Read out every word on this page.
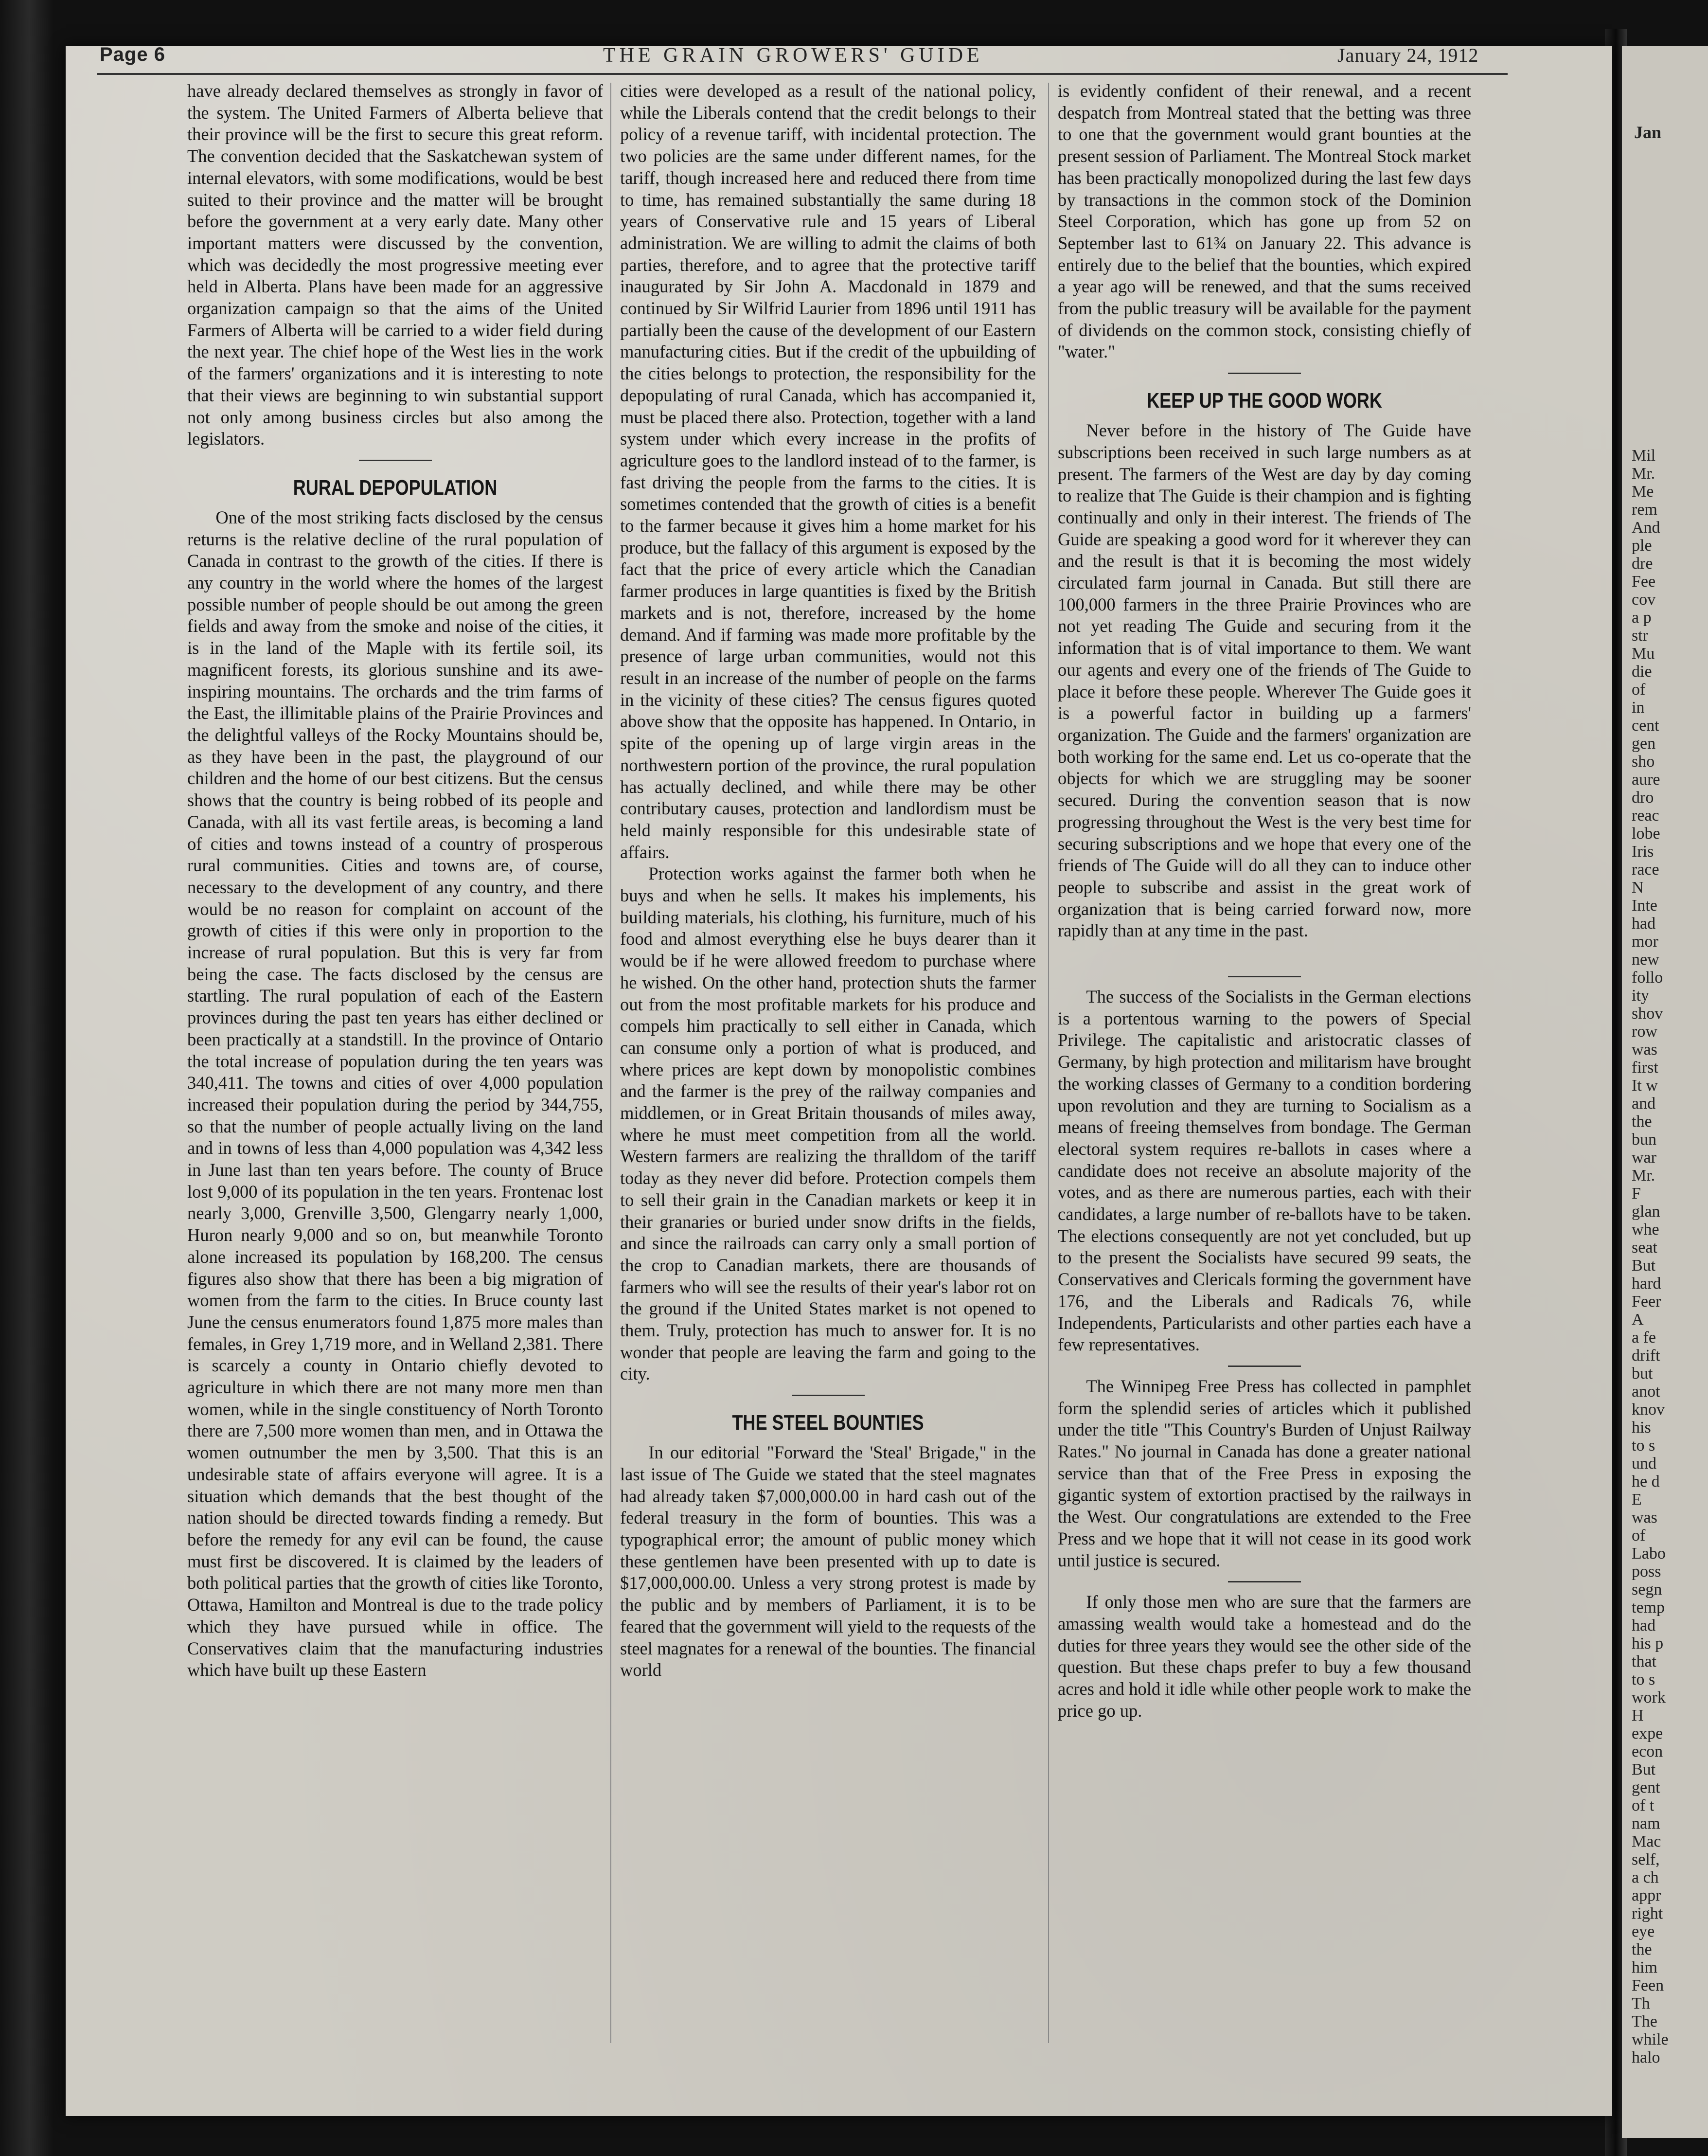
Page 6	THE GRAIN GROWERS' GUIDE	January 24, 1912

have already declared themselves as strongly in favor of the system. The United Farmers of Alberta believe that their province will be the first to secure this great reform. The convention decided that the Saskatchewan system of internal elevators, with some modifications, would be best suited to their province and the matter will be brought before the government at a very early date. Many other important matters were discussed by the convention, which was decidedly the most progressive meeting ever held in Alberta. Plans have been made for an aggressive organization campaign so that the aims of the United Farmers of Alberta will be carried to a wider field during the next year. The chief hope of the West lies in the work of the farmers' organizations and it is interesting to note that their views are beginning to win substantial support not only among business circles but also among the legislators.

RURAL DEPOPULATION

One of the most striking facts disclosed by the census returns is the relative decline of the rural population of Canada in contrast to the growth of the cities. If there is any country in the world where the homes of the largest possible number of people should be out among the green fields and away from the smoke and noise of the cities, it is in the land of the Maple with its fertile soil, its magnificent forests, its glorious sunshine and its awe-inspiring mountains. The orchards and the trim farms of the East, the illimitable plains of the Prairie Provinces and the delightful valleys of the Rocky Mountains should be, as they have been in the past, the playground of our children and the home of our best citizens. But the census shows that the country is being robbed of its people and Canada, with all its vast fertile areas, is becoming a land of cities and towns instead of a country of prosperous rural communities. Cities and towns are, of course, necessary to the development of any country, and there would be no reason for complaint on account of the growth of cities if this were only in proportion to the increase of rural population. But this is very far from being the case. The facts disclosed by the census are startling. The rural population of each of the Eastern provinces during the past ten years has either declined or been practically at a standstill. In the province of Ontario the total increase of population during the ten years was 340,411. The towns and cities of over 4,000 population increased their population during the period by 344,755, so that the number of people actually living on the land and in towns of less than 4,000 population was 4,342 less in June last than ten years before. The county of Bruce lost 9,000 of its population in the ten years. Frontenac lost nearly 3,000, Grenville 3,500, Glengarry nearly 1,000, Huron nearly 9,000 and so on, but meanwhile Toronto alone increased its population by 168,200. The census figures also show that there has been a big migration of women from the farm to the cities. In Bruce county last June the census enumerators found 1,875 more males than females, in Grey 1,719 more, and in Welland 2,381. There is scarcely a county in Ontario chiefly devoted to agriculture in which there are not many more men than women, while in the single constituency of North Toronto there are 7,500 more women than men, and in Ottawa the women outnumber the men by 3,500. That this is an undesirable state of affairs everyone will agree. It is a situation which demands that the best thought of the nation should be directed towards finding a remedy. But before the remedy for any evil can be found, the cause must first be discovered. It is claimed by the leaders of both political parties that the growth of cities like Toronto, Ottawa, Hamilton and Montreal is due to the trade policy which they have pursued while in office. The Conservatives claim that the manufacturing industries which have built up these Eastern

cities were developed as a result of the national policy, while the Liberals contend that the credit belongs to their policy of a revenue tariff, with incidental protection. The two policies are the same under different names, for the tariff, though increased here and reduced there from time to time, has remained substantially the same during 18 years of Conservative rule and 15 years of Liberal administration. We are willing to admit the claims of both parties, therefore, and to agree that the protective tariff inaugurated by Sir John A. Macdonald in 1879 and continued by Sir Wilfrid Laurier from 1896 until 1911 has partially been the cause of the development of our Eastern manufacturing cities. But if the credit of the upbuilding of the cities belongs to protection, the responsibility for the depopulating of rural Canada, which has accompanied it, must be placed there also. Protection, together with a land system under which every increase in the profits of agriculture goes to the landlord instead of to the farmer, is fast driving the people from the farms to the cities. It is sometimes contended that the growth of cities is a benefit to the farmer because it gives him a home market for his produce, but the fallacy of this argument is exposed by the fact that the price of every article which the Canadian farmer produces in large quantities is fixed by the British markets and is not, therefore, increased by the home demand. And if farming was made more profitable by the presence of large urban communities, would not this result in an increase of the number of people on the farms in the vicinity of these cities? The census figures quoted above show that the opposite has happened. In Ontario, in spite of the opening up of large virgin areas in the northwestern portion of the province, the rural population has actually declined, and while there may be other contributary causes, protection and landlordism must be held mainly responsible for this undesirable state of affairs.

Protection works against the farmer both when he buys and when he sells. It makes his implements, his building materials, his clothing, his furniture, much of his food and almost everything else he buys dearer than it would be if he were allowed freedom to purchase where he wished. On the other hand, protection shuts the farmer out from the most profitable markets for his produce and compels him practically to sell either in Canada, which can consume only a portion of what is produced, and where prices are kept down by monopolistic combines and the farmer is the prey of the railway companies and middlemen, or in Great Britain thousands of miles away, where he must meet competition from all the world. Western farmers are realizing the thralldom of the tariff today as they never did before. Protection compels them to sell their grain in the Canadian markets or keep it in their granaries or buried under snow drifts in the fields, and since the railroads can carry only a small portion of the crop to Canadian markets, there are thousands of farmers who will see the results of their year's labor rot on the ground if the United States market is not opened to them. Truly, protection has much to answer for. It is no wonder that people are leaving the farm and going to the city.

THE STEEL BOUNTIES

In our editorial "Forward the 'Steal' Brigade," in the last issue of The Guide we stated that the steel magnates had already taken $7,000,000.00 in hard cash out of the federal treasury in the form of bounties. This was a typographical error; the amount of public money which these gentlemen have been presented with up to date is $17,000,000.00. Unless a very strong protest is made by the public and by members of Parliament, it is to be feared that the government will yield to the requests of the steel magnates for a renewal of the bounties. The financial world

is evidently confident of their renewal, and a recent despatch from Montreal stated that the betting was three to one that the government would grant bounties at the present session of Parliament. The Montreal Stock market has been practically monopolized during the last few days by transactions in the common stock of the Dominion Steel Corporation, which has gone up from 52 on September last to 61¾ on January 22. This advance is entirely due to the belief that the bounties, which expired a year ago will be renewed, and that the sums received from the public treasury will be available for the payment of dividends on the common stock, consisting chiefly of "water."

KEEP UP THE GOOD WORK

Never before in the history of The Guide have subscriptions been received in such large numbers as at present. The farmers of the West are day by day coming to realize that The Guide is their champion and is fighting continually and only in their interest. The friends of The Guide are speaking a good word for it wherever they can and the result is that it is becoming the most widely circulated farm journal in Canada. But still there are 100,000 farmers in the three Prairie Provinces who are not yet reading The Guide and securing from it the information that is of vital importance to them. We want our agents and every one of the friends of The Guide to place it before these people. Wherever The Guide goes it is a powerful factor in building up a farmers' organization. The Guide and the farmers' organization are both working for the same end. Let us co-operate that the objects for which we are struggling may be sooner secured. During the convention season that is now progressing throughout the West is the very best time for securing subscriptions and we hope that every one of the friends of The Guide will do all they can to induce other people to subscribe and assist in the great work of organization that is being carried forward now, more rapidly than at any time in the past.

The success of the Socialists in the German elections is a portentous warning to the powers of Special Privilege. The capitalistic and aristocratic classes of Germany, by high protection and militarism have brought the working classes of Germany to a condition bordering upon revolution and they are turning to Socialism as a means of freeing themselves from bondage. The German electoral system requires re-ballots in cases where a candidate does not receive an absolute majority of the votes, and as there are numerous parties, each with their candidates, a large number of re-ballots have to be taken. The elections consequently are not yet concluded, but up to the present the Socialists have secured 99 seats, the Conservatives and Clericals forming the government have 176, and the Liberals and Radicals 76, while Independents, Particularists and other parties each have a few representatives.

The Winnipeg Free Press has collected in pamphlet form the splendid series of articles which it published under the title "This Country's Burden of Unjust Railway Rates." No journal in Canada has done a greater national service than that of the Free Press in exposing the gigantic system of extortion practised by the railways in the West. Our congratulations are extended to the Free Press and we hope that it will not cease in its good work until justice is secured.

If only those men who are sure that the farmers are amassing wealth would take a homestead and do the duties for three years they would see the other side of the question. But these chaps prefer to buy a few thousand acres and hold it idle while other people work to make the price go up.

Jan
Mil
Mr.
Me
rem
And
ple
dre
Fee
cov
a p
str
Mu
die
of
in
cent
gen
sho
aure
dro
reac
lobe
Iris
race
N
Inte
had
mor
new
follo
ity
shov
row
was
first
It w
and
the
bun
war
Mr.
F
glan
whe
seat
But
hard
Feer
A
a fe
drift
but
anot
knov
his
to s
und
he d
E
was
of
Labo
poss
segn
temp
had
his p
that
to s
work
H
expe
econ
But
gent
of t
nam
Mac
self,
a ch
appr
right
eye
the
him
Feen
Th
The
while
halo
